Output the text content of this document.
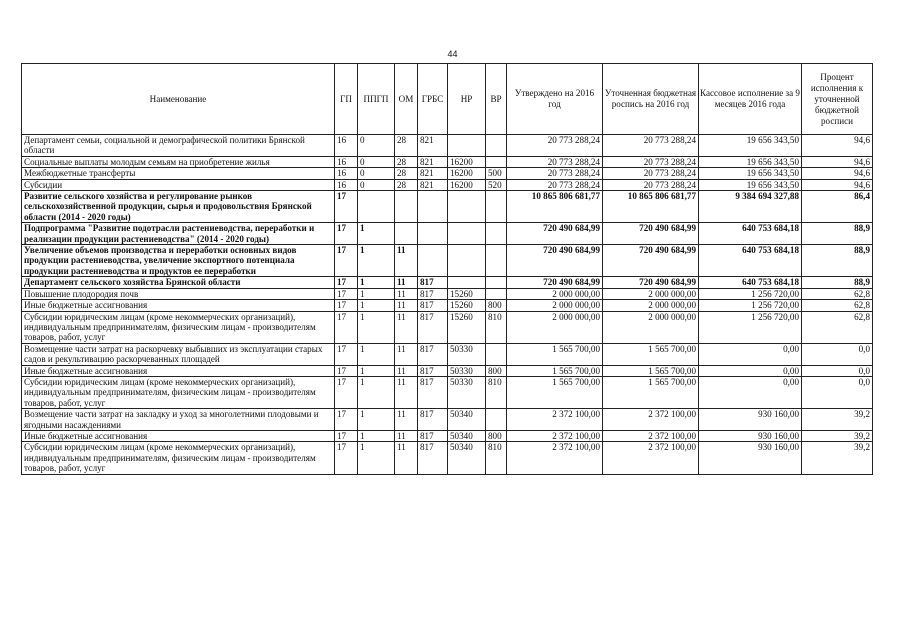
44
Наименование	ГП	ППГП	ОМ	ГРБС	НР	ВР	Утверждено на 2016 год	Уточненная бюджетная роспись на 2016 год	Кассовое исполнение за 9 месяцев 2016 года	Процент исполнения к уточненной бюджетной росписи
Департамент семьи, социальной и демографической политики Брянской области	16	0	28	821			20 773 288,24	20 773 288,24	19 656 343,50	94,6
Социальные выплаты молодым семьям на приобретение жилья	16	0	28	821	16200		20 773 288,24	20 773 288,24	19 656 343,50	94,6
Межбюджетные трансферты	16	0	28	821	16200	500	20 773 288,24	20 773 288,24	19 656 343,50	94,6
Субсидии	16	0	28	821	16200	520	20 773 288,24	20 773 288,24	19 656 343,50	94,6
Развитие сельского хозяйства и регулирование рынков сельскохозяйственной продукции, сырья и продовольствия Брянской области (2014 - 2020 годы)	17						10 865 806 681,77	10 865 806 681,77	9 384 694 327,88	86,4
Подпрограмма "Развитие подотрасли растениеводства, переработки и реализации продукции растениеводства" (2014 - 2020 годы)	17	1					720 490 684,99	720 490 684,99	640 753 684,18	88,9
Увеличение объемов производства и переработки основных видов продукции растениеводства, увеличение экспортного потенциала продукции растениеводства и продуктов ее переработки	17	1	11				720 490 684,99	720 490 684,99	640 753 684,18	88,9
Департамент сельского хозяйства Брянской области	17	1	11	817			720 490 684,99	720 490 684,99	640 753 684,18	88,9
Повышение плодородия почв	17	1	11	817	15260		2 000 000,00	2 000 000,00	1 256 720,00	62,8
Иные бюджетные ассигнования	17	1	11	817	15260	800	2 000 000,00	2 000 000,00	1 256 720,00	62,8
Субсидии юридическим лицам (кроме некоммерческих организаций), индивидуальным предпринимателям, физическим лицам - производителям товаров, работ, услуг	17	1	11	817	15260	810	2 000 000,00	2 000 000,00	1 256 720,00	62,8
Возмещение части затрат на раскорчевку выбывших из эксплуатации старых садов и рекультивацию раскорчеванных площадей	17	1	11	817	50330		1 565 700,00	1 565 700,00	0,00	0,0
Иные бюджетные ассигнования	17	1	11	817	50330	800	1 565 700,00	1 565 700,00	0,00	0,0
Субсидии юридическим лицам (кроме некоммерческих организаций), индивидуальным предпринимателям, физическим лицам - производителям товаров, работ, услуг	17	1	11	817	50330	810	1 565 700,00	1 565 700,00	0,00	0,0
Возмещение части затрат на закладку и уход за многолетними плодовыми и ягодными насаждениями	17	1	11	817	50340		2 372 100,00	2 372 100,00	930 160,00	39,2
Иные бюджетные ассигнования	17	1	11	817	50340	800	2 372 100,00	2 372 100,00	930 160,00	39,2
Субсидии юридическим лицам (кроме некоммерческих организаций), индивидуальным предпринимателям, физическим лицам - производителям товаров, работ, услуг	17	1	11	817	50340	810	2 372 100,00	2 372 100,00	930 160,00	39,2
